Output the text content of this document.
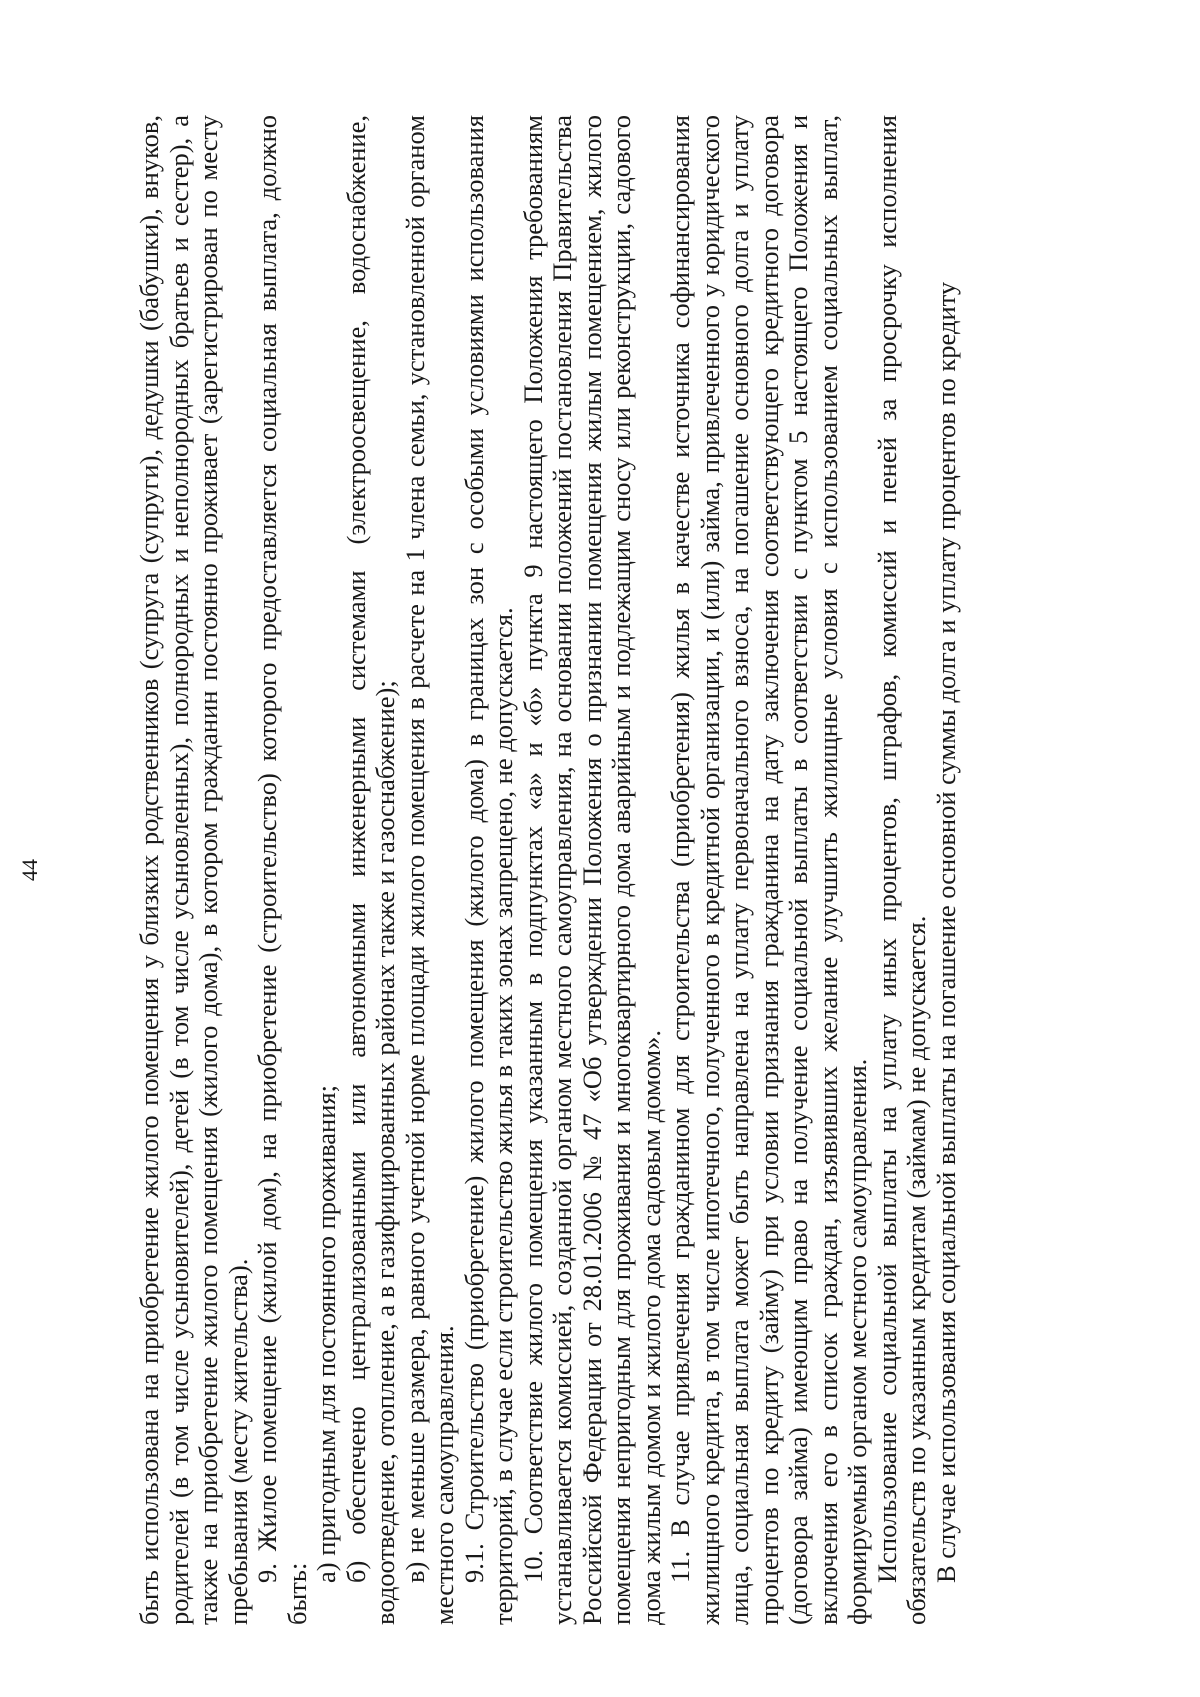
44	быть использована на приобретение жилого помещения у близких родственников (супруга (супруги), дедушки (бабушки), внуков, родителей (в том числе усыновителей), детей (в том числе усыновленных), полнородных и неполнородных братьев и сестер), а также на приобретение жилого помещения (жилого дома), в котором гражданин постоянно проживает (зарегистрирован по месту пребывания (месту жительства). 9. Жилое помещение (жилой дом), на приобретение (строительство) которого предоставляется социальная выплата, должно быть:

а) пригодным для постоянного проживания; б) обеспечено централизованными или автономными инженерными системами (электроосвещение, водоснабжение, водоотведение, отопление, а в газифицированных районах также и газоснабжение); в) не меньше размера, равного учетной норме площади жилого помещения в расчете на 1 члена семьи, установленной органом местного самоуправления. 9.1. Строительство (приобретение) жилого помещения (жилого дома) в границах зон с особыми условиями использования территорий, в случае если строительство жилья в таких зонах запрещено, не допускается. 10. Соответствие жилого помещения указанным в подпунктах «а» и «б» пункта 9 настоящего Положения требованиям устанавливается комиссией, созданной органом местного самоуправления, на основании положений постановления Правительства Российской Федерации от 28.01.2006 № 47 «Об утверждении Положения о признании помещения жилым помещением, жилого помещения непригодным для проживания и многоквартирного дома аварийным и подлежащим сносу или реконструкции, садового дома жилым домом и жилого дома садовым домом». 11. В случае привлечения гражданином для строительства (приобретения) жилья в качестве источника софинансирования жилищного кредита, в том числе ипотечного, полученного в кредитной организации, и (или) займа, привлеченного у юридического лица, социальная выплата может быть направлена на уплату первоначального взноса, на погашение основного долга и уплату процентов по кредиту (займу) при условии признания гражданина на дату заключения соответствующего кредитного договора (договора займа) имеющим право на получение социальной выплаты в соответствии с пунктом 5 настоящего Положения и включения его в список граждан, изъявивших желание улучшить жилищные условия с использованием социальных выплат, формируемый органом местного самоуправления. Использование социальной выплаты на уплату иных процентов, штрафов, комиссий и пеней за просрочку исполнения обязательств по указанным кредитам (займам) не допускается. В случае использования социальной выплаты на погашение основной суммы долга и уплату процентов по кредиту
